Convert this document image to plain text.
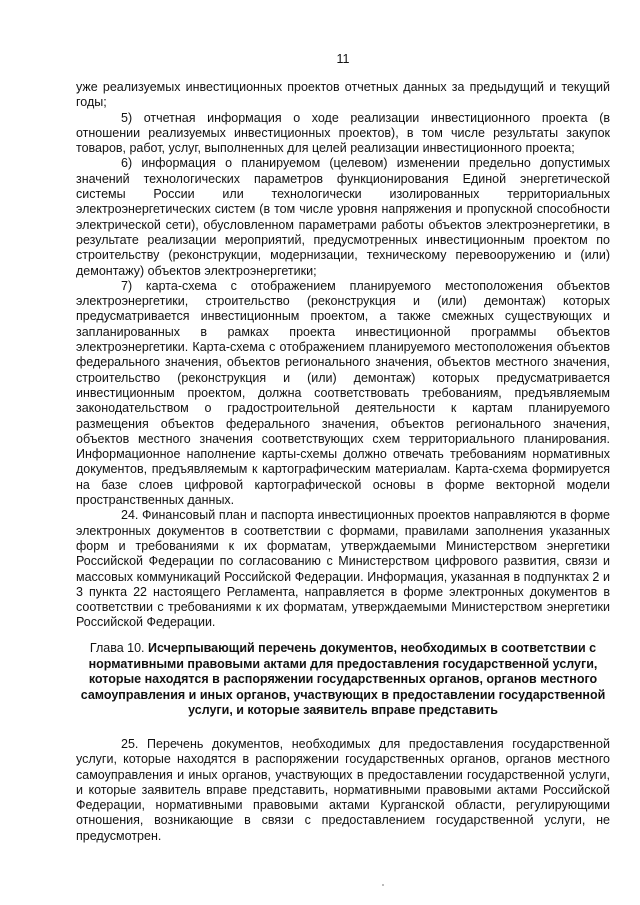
11

уже реализуемых инвестиционных проектов отчетных данных за предыдущий и текущий годы;

5) отчетная информация о ходе реализации инвестиционного проекта (в отношении реализуемых инвестиционных проектов), в том числе результаты закупок товаров, работ, услуг, выполненных для целей реализации инвестиционного проекта;

6) информация о планируемом (целевом) изменении предельно допустимых значений технологических параметров функционирования Единой энергетической системы России или технологически изолированных территориальных электроэнергетических систем (в том числе уровня напряжения и пропускной способности электрической сети), обусловленном параметрами работы объектов электроэнергетики, в результате реализации мероприятий, предусмотренных инвестиционным проектом по строительству (реконструкции, модернизации, техническому перевооружению и (или) демонтажу) объектов электроэнергетики;

7) карта-схема с отображением планируемого местоположения объектов электроэнергетики, строительство (реконструкция и (или) демонтаж) которых предусматривается инвестиционным проектом, а также смежных существующих и запланированных в рамках проекта инвестиционной программы объектов электроэнергетики. Карта-схема с отображением планируемого местоположения объектов федерального значения, объектов регионального значения, объектов местного значения, строительство (реконструкция и (или) демонтаж) которых предусматривается инвестиционным проектом, должна соответствовать требованиям, предъявляемым законодательством о градостроительной деятельности к картам планируемого размещения объектов федерального значения, объектов регионального значения, объектов местного значения соответствующих схем территориального планирования. Информационное наполнение карты-схемы должно отвечать требованиям нормативных документов, предъявляемым к картографическим материалам. Карта-схема формируется на базе слоев цифровой картографической основы в форме векторной модели пространственных данных.

24. Финансовый план и паспорта инвестиционных проектов направляются в форме электронных документов в соответствии с формами, правилами заполнения указанных форм и требованиями к их форматам, утверждаемыми Министерством энергетики Российской Федерации по согласованию с Министерством цифрового развития, связи и массовых коммуникаций Российской Федерации. Информация, указанная в подпунктах 2 и 3 пункта 22 настоящего Регламента, направляется в форме электронных документов в соответствии с требованиями к их форматам, утверждаемыми Министерством энергетики Российской Федерации.

Глава 10. Исчерпывающий перечень документов, необходимых в соответствии с нормативными правовыми актами для предоставления государственной услуги, которые находятся в распоряжении государственных органов, органов местного самоуправления и иных органов, участвующих в предоставлении государственной услуги, и которые заявитель вправе представить

25. Перечень документов, необходимых для предоставления государственной услуги, которые находятся в распоряжении государственных органов, органов местного самоуправления и иных органов, участвующих в предоставлении государственной услуги, и которые заявитель вправе представить, нормативными правовыми актами Российской Федерации, нормативными правовыми актами Курганской области, регулирующими отношения, возникающие в связи с предоставлением государственной услуги, не предусмотрен.
